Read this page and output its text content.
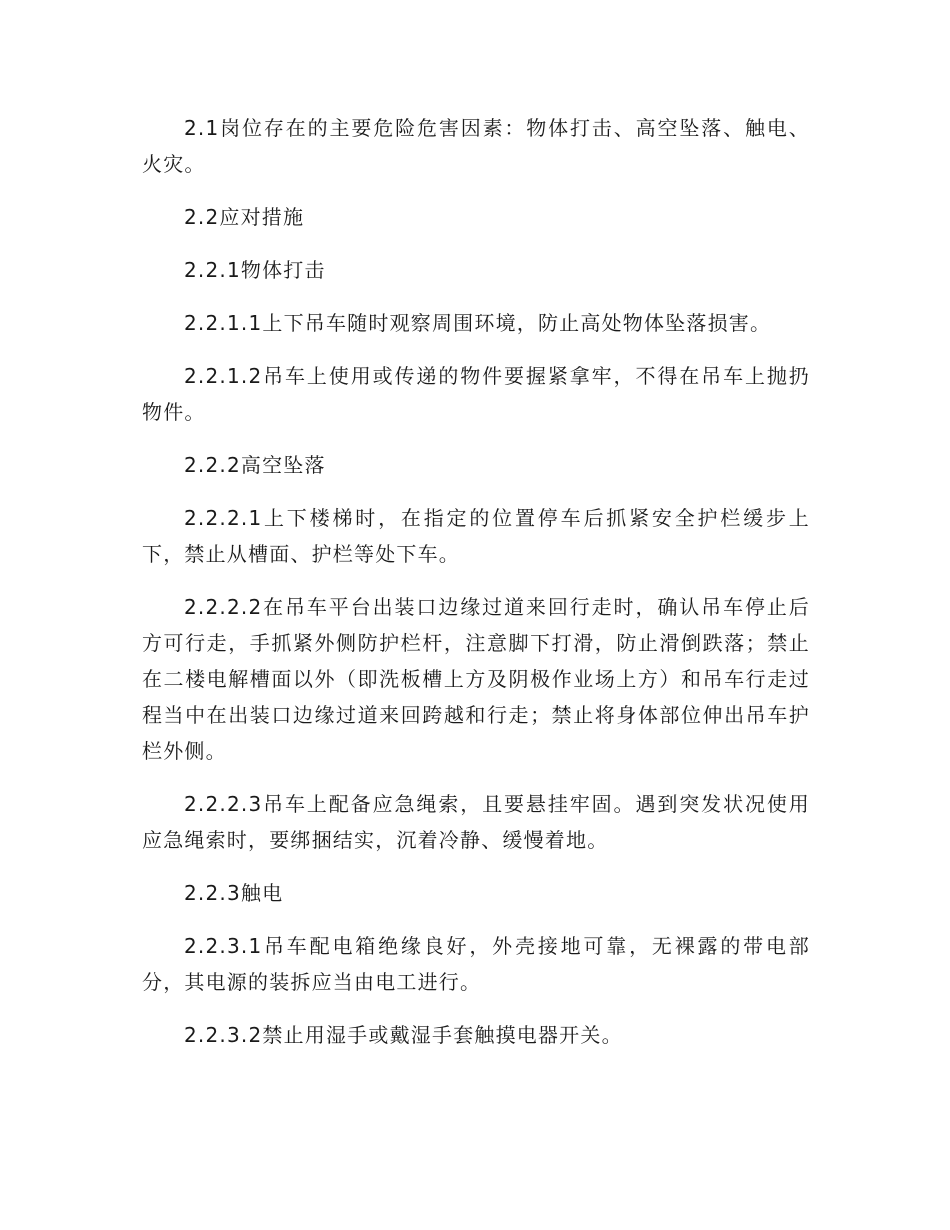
2.1岗位存在的主要危险危害因素：物体打击、高空坠落、触电、火灾。

2.2应对措施

2.2.1物体打击

2.2.1.1上下吊车随时观察周围环境，防止高处物体坠落损害。

2.2.1.2吊车上使用或传递的物件要握紧拿牢，不得在吊车上抛扔物件。

2.2.2高空坠落

2.2.2.1上下楼梯时，在指定的位置停车后抓紧安全护栏缓步上下，禁止从槽面、护栏等处下车。

2.2.2.2在吊车平台出装口边缘过道来回行走时，确认吊车停止后方可行走，手抓紧外侧防护栏杆，注意脚下打滑，防止滑倒跌落；禁止在二楼电解槽面以外（即洗板槽上方及阴极作业场上方）和吊车行走过程当中在出装口边缘过道来回跨越和行走；禁止将身体部位伸出吊车护栏外侧。

2.2.2.3吊车上配备应急绳索，且要悬挂牢固。遇到突发状况使用应急绳索时，要绑捆结实，沉着冷静、缓慢着地。

2.2.3触电

2.2.3.1吊车配电箱绝缘良好，外壳接地可靠，无裸露的带电部分，其电源的装拆应当由电工进行。

2.2.3.2禁止用湿手或戴湿手套触摸电器开关。
